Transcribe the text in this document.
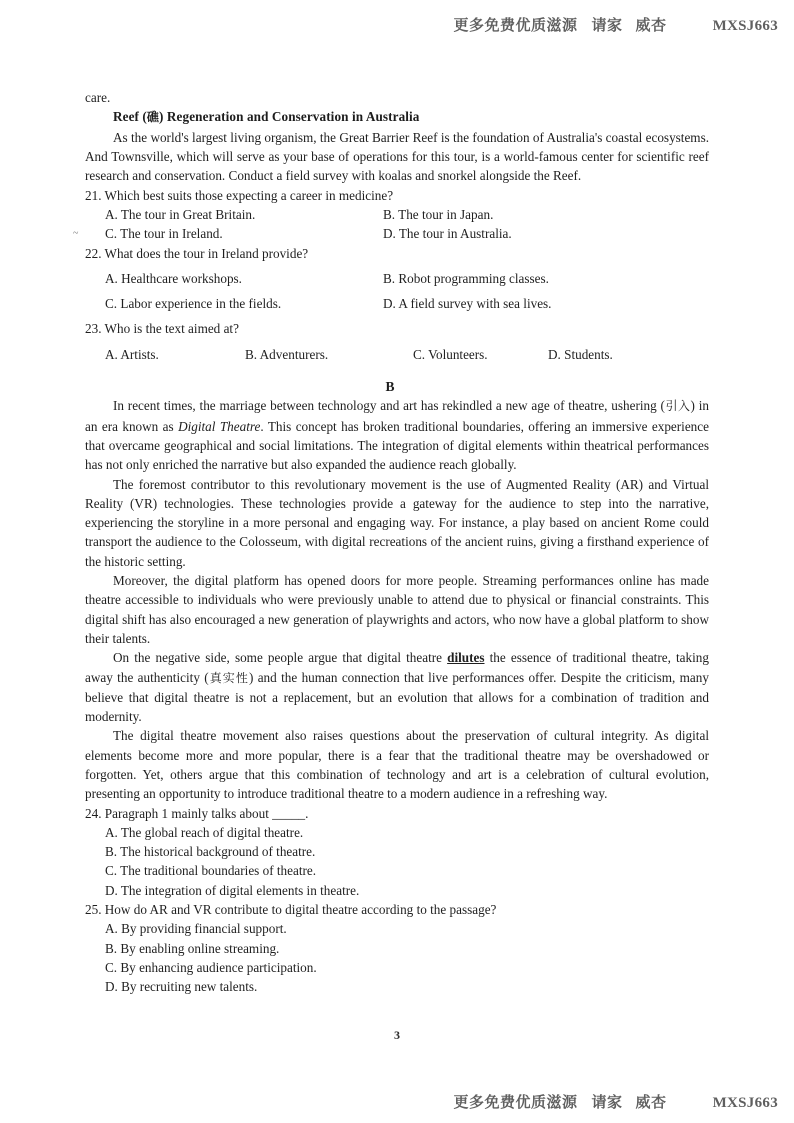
更多免费优质滋源 请家 威杏	MXSJ663

care.

Reef (礁) Regeneration and Conservation in Australia

As the world's largest living organism, the Great Barrier Reef is the foundation of Australia's coastal ecosystems. And Townsville, which will serve as your base of operations for this tour, is a world-famous center for scientific reef research and conservation. Conduct a field survey with koalas and snorkel alongside the Reef.

21. Which best suits those expecting a career in medicine?

A. The tour in Great Britain.	B. The tour in Japan.
~ C. The tour in Ireland.	D. The tour in Australia.

22. What does the tour in Ireland provide?

A. Healthcare workshops.	B. Robot programming classes.
C. Labor experience in the fields.	D. A field survey with sea lives.

23. Who is the text aimed at?

A. Artists.	B. Adventurers.	C. Volunteers.	D. Students.

B

In recent times, the marriage between technology and art has rekindled a new age of theatre, ushering (引入) in an era known as Digital Theatre. This concept has broken traditional boundaries, offering an immersive experience that overcame geographical and social limitations. The integration of digital elements within theatrical performances has not only enriched the narrative but also expanded the audience reach globally.

The foremost contributor to this revolutionary movement is the use of Augmented Reality (AR) and Virtual Reality (VR) technologies. These technologies provide a gateway for the audience to step into the narrative, experiencing the storyline in a more personal and engaging way. For instance, a play based on ancient Rome could transport the audience to the Colosseum, with digital recreations of the ancient ruins, giving a firsthand experience of the historic setting.

Moreover, the digital platform has opened doors for more people. Streaming performances online has made theatre accessible to individuals who were previously unable to attend due to physical or financial constraints. This digital shift has also encouraged a new generation of playwrights and actors, who now have a global platform to show their talents.

On the negative side, some people argue that digital theatre dilutes the essence of traditional theatre, taking away the authenticity (真实性) and the human connection that live performances offer. Despite the criticism, many believe that digital theatre is not a replacement, but an evolution that allows for a combination of tradition and modernity.

The digital theatre movement also raises questions about the preservation of cultural integrity. As digital elements become more and more popular, there is a fear that the traditional theatre may be overshadowed or forgotten. Yet, others argue that this combination of technology and art is a celebration of cultural evolution, presenting an opportunity to introduce traditional theatre to a modern audience in a refreshing way.

24. Paragraph 1 mainly talks about _____.

A. The global reach of digital theatre.

B. The historical background of theatre.

C. The traditional boundaries of theatre.

D. The integration of digital elements in theatre.

25. How do AR and VR contribute to digital theatre according to the passage?

A. By providing financial support.

B. By enabling online streaming.

C. By enhancing audience participation.

D. By recruiting new talents.

3
更多免费优质滋源 请家 威杏	MXSJ663
